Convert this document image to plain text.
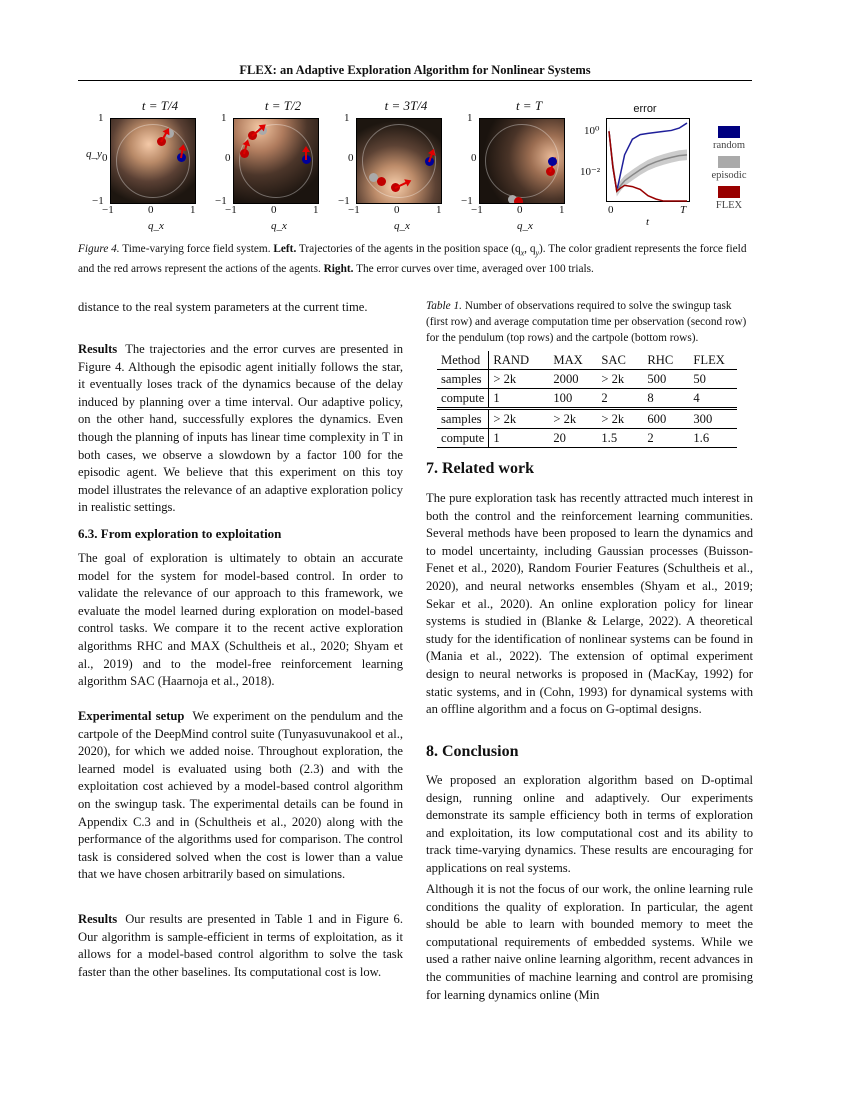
FLEX: an Adaptive Exploration Algorithm for Nonlinear Systems
t = T/4
q_y
1
0
−1
−1	0	1
q_x
t = T/2
1
0
−1
−1	0	1
q_x
t = 3T/4
1
0
−1
−1	0	1
q_x
t = T
1
0
−1
−1	0	1
q_x
error
10⁰
10⁻²
0	T
t
random
episodic
FLEX
Figure 4. Time-varying force field system. Left. Trajectories of the agents in the position space ($q_x$, $q_y$). The color gradient represents the force field and the red arrows represent the actions of the agents. Right. The error curves over time, averaged over 100 trials.

distance to the real system parameters at the current time.

Results The trajectories and the error curves are presented in Figure 4. Although the episodic agent initially follows the star, it eventually loses track of the dynamics because of the delay induced by planning over a time interval. Our adaptive policy, on the other hand, successfully explores the dynamics. Even though the planning of inputs has linear time complexity in T in both cases, we observe a slowdown by a factor 100 for the episodic agent. We believe that this experiment on this toy model illustrates the relevance of an adaptive exploration policy in realistic settings.

6.3. From exploration to exploitation

The goal of exploration is ultimately to obtain an accurate model for the system for model-based control. In order to validate the relevance of our approach to this framework, we evaluate the model learned during exploration on model-based control tasks. We compare it to the recent active exploration algorithms RHC and MAX (Schultheis et al., 2020; Shyam et al., 2019) and to the model-free reinforcement learning algorithm SAC (Haarnoja et al., 2018).

Experimental setup We experiment on the pendulum and the cartpole of the DeepMind control suite (Tunyasuvunakool et al., 2020), for which we added noise. Throughout exploration, the learned model is evaluated using both (2.3) and with the exploitation cost achieved by a model-based control algorithm on the swingup task. The experimental details can be found in Appendix C.3 and in (Schultheis et al., 2020) along with the performance of the algorithms used for comparison. The control task is considered solved when the cost is lower than a value that we have chosen arbitrarily based on simulations.

Results Our results are presented in Table 1 and in Figure 6. Our algorithm is sample-efficient in terms of exploitation, as it allows for a model-based control algorithm to solve the task faster than the other baselines. Its computational cost is low.

Table 1. Number of observations required to solve the swingup task (first row) and average computation time per observation (second row) for the pendulum (top rows) and the cartpole (bottom rows).
Method	RAND	MAX	SAC	RHC	FLEX
samples	> 2k	2000	> 2k	500	50
compute	1	100	2	8	4
samples	> 2k	> 2k	> 2k	600	300
compute	1	20	1.5	2	1.6
7. Related work

The pure exploration task has recently attracted much interest in both the control and the reinforcement learning communities. Several methods have been proposed to learn the dynamics and to model uncertainty, including Gaussian processes (Buisson-Fenet et al., 2020), Random Fourier Features (Schultheis et al., 2020), and neural networks ensembles (Shyam et al., 2019; Sekar et al., 2020). An online exploration policy for linear systems is studied in (Blanke & Lelarge, 2022). A theoretical study for the identification of nonlinear systems can be found in (Mania et al., 2022). The extension of optimal experiment design to neural networks is proposed in (MacKay, 1992) for static systems, and in (Cohn, 1993) for dynamical systems with an offline algorithm and a focus on G-optimal designs.

8. Conclusion

We proposed an exploration algorithm based on D-optimal design, running online and adaptively. Our experiments demonstrate its sample efficiency both in terms of exploration and exploitation, its low computational cost and its ability to track time-varying dynamics. These results are encouraging for applications on real systems.

Although it is not the focus of our work, the online learning rule conditions the quality of exploration. In particular, the agent should be able to learn with bounded memory to meet the computational requirements of embedded systems. While we used a rather naive online learning algorithm, recent advances in the communities of machine learning and control are promising for learning dynamics online (Min
